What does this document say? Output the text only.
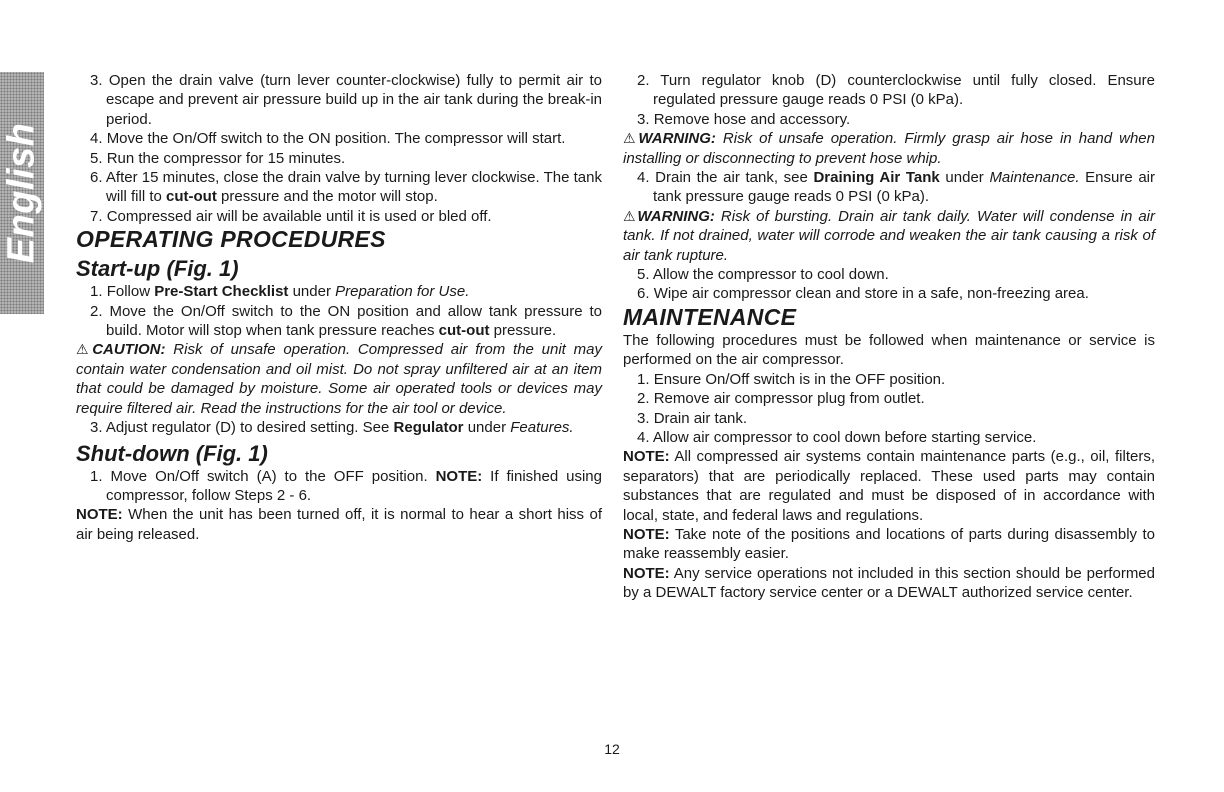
English

3. Open the drain valve (turn lever counter-clockwise) fully to permit air to escape and prevent air pressure build up in the air tank during the break-in period.

4. Move the On/Off switch to the ON position. The compressor will start.

5. Run the compressor for 15 minutes.

6. After 15 minutes, close the drain valve by turning lever clockwise. The tank will fill to cut-out pressure and the motor will stop.

7. Compressed air will be available until it is used or bled off.

OPERATING PROCEDURES

Start-up (Fig. 1)

1. Follow Pre-Start Checklist under Preparation for Use.

2. Move the On/Off switch to the ON position and allow tank pressure to build. Motor will stop when tank pressure reaches cut-out pressure.

⚠CAUTION: Risk of unsafe operation. Compressed air from the unit may contain water condensation and oil mist. Do not spray unfiltered air at an item that could be damaged by moisture. Some air operated tools or devices may require filtered air. Read the instructions for the air tool or device.

3. Adjust regulator (D) to desired setting. See Regulator under Features.

Shut-down (Fig. 1)

1. Move On/Off switch (A) to the OFF position. NOTE: If finished using compressor, follow Steps 2 - 6.

NOTE: When the unit has been turned off, it is normal to hear a short hiss of air being released.

2. Turn regulator knob (D) counterclockwise until fully closed. Ensure regulated pressure gauge reads 0 PSI (0 kPa).

3. Remove hose and accessory.

⚠WARNING: Risk of unsafe operation. Firmly grasp air hose in hand when installing or disconnecting to prevent hose whip.

4. Drain the air tank, see Draining Air Tank under Maintenance. Ensure air tank pressure gauge reads 0 PSI (0 kPa).

⚠WARNING: Risk of bursting. Drain air tank daily. Water will condense in air tank. If not drained, water will corrode and weaken the air tank causing a risk of air tank rupture.

5. Allow the compressor to cool down.

6. Wipe air compressor clean and store in a safe, non-freezing area.

MAINTENANCE

The following procedures must be followed when maintenance or service is performed on the air compressor.

1. Ensure On/Off switch is in the OFF position.

2. Remove air compressor plug from outlet.

3. Drain air tank.

4. Allow air compressor to cool down before starting service.

NOTE: All compressed air systems contain maintenance parts (e.g., oil, filters, separators) that are periodically replaced. These used parts may contain substances that are regulated and must be disposed of in accordance with local, state, and federal laws and regulations.

NOTE: Take note of the positions and locations of parts during disassembly to make reassembly easier.

NOTE: Any service operations not included in this section should be performed by a DEWALT factory service center or a DEWALT authorized service center.

12
